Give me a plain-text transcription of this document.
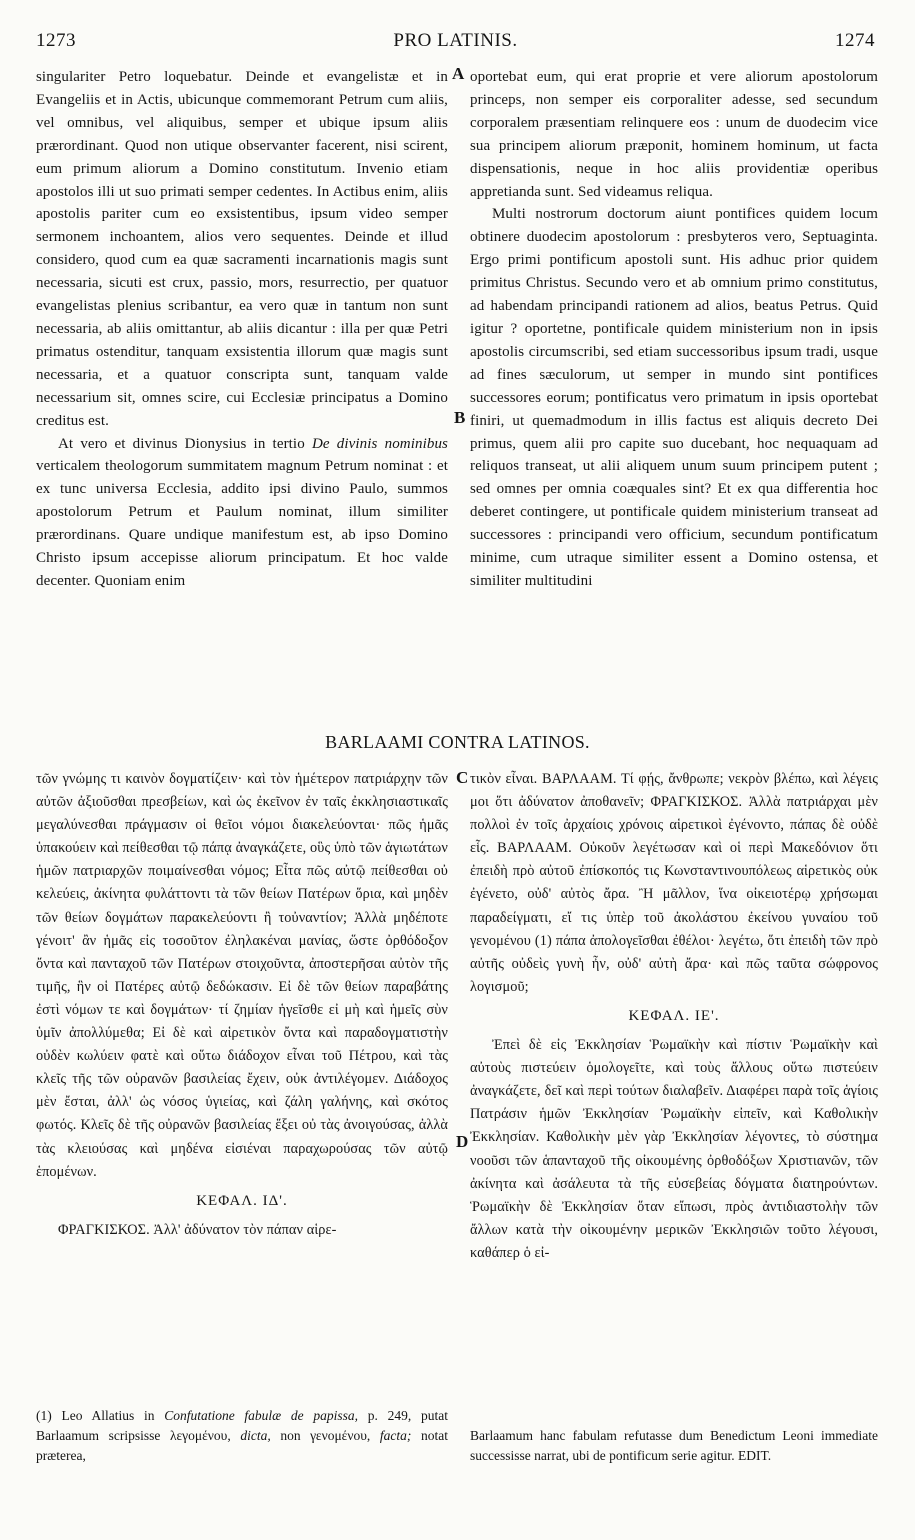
1273	PRO LATINIS.	1274
A
B
C
D

singulariter Petro loquebatur. Deinde et evangelistæ et in Evangeliis et in Actis, ubicunque commemorant Petrum cum aliis, vel omnibus, vel aliquibus, semper et ubique ipsum aliis prærordinant. Quod non utique observanter facerent, nisi scirent, eum primum aliorum a Domino constitutum. Invenio etiam apostolos illi ut suo primati semper cedentes. In Actibus enim, aliis apostolis pariter cum eo exsistentibus, ipsum video semper sermonem inchoantem, alios vero sequentes. Deinde et illud considero, quod cum ea quæ sacramenti incarnationis magis sunt necessaria, sicuti est crux, passio, mors, resurrectio, per quatuor evangelistas plenius scribantur, ea vero quæ in tantum non sunt necessaria, ab aliis omittantur, ab aliis dicantur : illa per quæ Petri primatus ostenditur, tanquam exsistentia illorum quæ magis sunt necessaria, et a quatuor conscripta sunt, tanquam valde necessarium sit, omnes scire, cui Ecclesiæ principatus a Domino creditus est.

At vero et divinus Dionysius in tertio De divinis nominibus verticalem theologorum summitatem magnum Petrum nominat : et ex tunc universa Ecclesia, addito ipsi divino Paulo, summos apostolorum Petrum et Paulum nominat, illum similiter prærordinans. Quare undique manifestum est, ab ipso Domino Christo ipsum accepisse aliorum principatum. Et hoc valde decenter. Quoniam enim

oportebat eum, qui erat proprie et vere aliorum apostolorum princeps, non semper eis corporaliter adesse, sed secundum corporalem præsentiam relinquere eos : unum de duodecim vice sua principem aliorum præponit, hominem hominum, ut facta dispensationis, neque in hoc aliis providentiæ operibus appretianda sunt. Sed videamus reliqua.

Multi nostrorum doctorum aiunt pontifices quidem locum obtinere duodecim apostolorum : presbyteros vero, Septuaginta. Ergo primi pontificum apostoli sunt. His adhuc prior quidem primitus Christus. Secundo vero et ab omnium primo constitutus, ad habendam principandi rationem ad alios, beatus Petrus. Quid igitur ? oportetne, pontificale quidem ministerium non in ipsis apostolis circumscribi, sed etiam successoribus ipsum tradi, usque ad fines sæculorum, ut semper in mundo sint pontifices successores eorum; pontificatus vero primatum in ipsis oportebat finiri, ut quemadmodum in illis factus est aliquis decreto Dei primus, quem alii pro capite suo ducebant, hoc nequaquam ad reliquos transeat, ut alii aliquem unum suum principem putent ; sed omnes per omnia coæquales sint? Et ex qua differentia hoc deberet contingere, ut pontificale quidem ministerium transeat ad successores : principandi vero officium, secundum pontificatum minime, cum utraque similiter essent a Domino ostensa, et similiter multitudini

BARLAAMI CONTRA LATINOS.

τῶν γνώμης τι καινὸν δογματίζειν· καὶ τὸν ἡμέτερον πατριάρχην τῶν αὐτῶν ἀξιοῦσθαι πρεσβείων, καὶ ὡς ἐκεῖνον ἐν ταῖς ἐκκλησιαστικαῖς μεγαλύνεσθαι πράγμασιν οἱ θεῖοι νόμοι διακελεύονται· πῶς ἡμᾶς ὑπακούειν καὶ πείθεσθαι τῷ πάπᾳ ἀναγκάζετε, οὓς ὑπὸ τῶν ἁγιωτάτων ἡμῶν πατριαρχῶν ποιμαίνεσθαι νόμος; Εἶτα πῶς αὐτῷ πείθεσθαι οὐ κελεύεις, ἀκίνητα φυλάττοντι τὰ τῶν θείων Πατέρων ὅρια, καὶ μηδὲν τῶν θείων δογμάτων παρακελεύοντι ἢ τοὐναντίον; Ἀλλὰ μηδέποτε γένοιτ' ἂν ἡμᾶς εἰς τοσοῦτον ἐληλακέναι μανίας, ὥστε ὀρθόδοξον ὄντα καὶ πανταχοῦ τῶν Πατέρων στοιχοῦντα, ἀποστερῆσαι αὐτὸν τῆς τιμῆς, ἣν οἱ Πατέρες αὐτῷ δεδώκασιν. Εἰ δὲ τῶν θείων παραβάτης ἐστὶ νόμων τε καὶ δογμάτων· τί ζημίαν ἡγεῖσθε εἰ μὴ καὶ ἡμεῖς σὺν ὑμῖν ἀπολλύμεθα; Εἰ δὲ καὶ αἱρετικὸν ὄντα καὶ παραδογματιστὴν οὐδὲν κωλύειν φατὲ καὶ οὕτω διάδοχον εἶναι τοῦ Πέτρου, καὶ τὰς κλεῖς τῆς τῶν οὐρανῶν βασιλείας ἔχειν, οὐκ ἀντιλέγομεν. Διάδοχος μὲν ἔσται, ἀλλ' ὡς νόσος ὑγιείας, καὶ ζάλη γαλήνης, καὶ σκότος φωτός. Κλεῖς δὲ τῆς οὐρανῶν βασιλείας ἕξει οὐ τὰς ἀνοιγούσας, ἀλλὰ τὰς κλειούσας καὶ μηδένα εἰσιέναι παραχωρούσας τῶν αὐτῷ ἑπομένων.

ΚΕΦΑΛ. ΙΔ'.

ΦΡΑΓΚΙΣΚΟΣ. Ἀλλ' ἀδύνατον τὸν πάπαν αἱρε-

τικὸν εἶναι. ΒΑΡΛΑΑΜ. Τί φῄς, ἄνθρωπε; νεκρὸν βλέπω, καὶ λέγεις μοι ὅτι ἀδύνατον ἀποθανεῖν; ΦΡΑΓΚΙΣΚΟΣ. Ἀλλὰ πατριάρχαι μὲν πολλοὶ ἐν τοῖς ἀρχαίοις χρόνοις αἱρετικοὶ ἐγένοντο, πάπας δὲ οὐδὲ εἷς. ΒΑΡΛΑΑΜ. Οὐκοῦν λεγέτωσαν καὶ οἱ περὶ Μακεδόνιον ὅτι ἐπειδὴ πρὸ αὐτοῦ ἐπίσκοπός τις Κωνσταντινουπόλεως αἱρετικὸς οὐκ ἐγένετο, οὐδ' αὐτὸς ἄρα. Ἢ μᾶλλον, ἵνα οἰκειοτέρῳ χρήσωμαι παραδείγματι, εἴ τις ὑπὲρ τοῦ ἀκολάστου ἐκείνου γυναίου τοῦ γενομένου (1) πάπα ἀπολογεῖσθαι ἐθέλοι· λεγέτω, ὅτι ἐπειδὴ τῶν πρὸ αὐτῆς οὐδεὶς γυνὴ ἦν, οὐδ' αὐτὴ ἄρα· καὶ πῶς ταῦτα σώφρονος λογισμοῦ;

ΚΕΦΑΛ. ΙΕ'.

Ἐπεὶ δὲ εἰς Ἐκκλησίαν Ῥωμαϊκὴν καὶ πίστιν Ῥωμαϊκὴν καὶ αὐτοὺς πιστεύειν ὁμολογεῖτε, καὶ τοὺς ἄλλους οὕτω πιστεύειν ἀναγκάζετε, δεῖ καὶ περὶ τούτων διαλαβεῖν. Διαφέρει παρὰ τοῖς ἁγίοις Πατράσιν ἡμῶν Ἐκκλησίαν Ῥωμαϊκὴν εἰπεῖν, καὶ Καθολικὴν Ἐκκλησίαν. Καθολικὴν μὲν γὰρ Ἐκκλησίαν λέγοντες, τὸ σύστημα νοοῦσι τῶν ἁπανταχοῦ τῆς οἰκουμένης ὀρθοδόξων Χριστιανῶν, τῶν ἀκίνητα καὶ ἀσάλευτα τὰ τῆς εὐσεβείας δόγματα διατηρούντων. Ῥωμαϊκὴν δὲ Ἐκκλησίαν ὅταν εἴπωσι, πρὸς ἀντιδιαστολὴν τῶν ἄλλων κατὰ τὴν οἰκουμένην μερικῶν Ἐκκλησιῶν τοῦτο λέγουσι, καθάπερ ὁ εἰ-

(1) Leo Allatius in Confutatione fabulæ de papissa, p. 249, putat Barlaamum scripsisse λεγομένου, dicta, non γενομένου, facta; notat præterea,
Barlaamum hanc fabulam refutasse dum Benedictum Leoni immediate successisse narrat, ubi de pontificum serie agitur. EDIT.
